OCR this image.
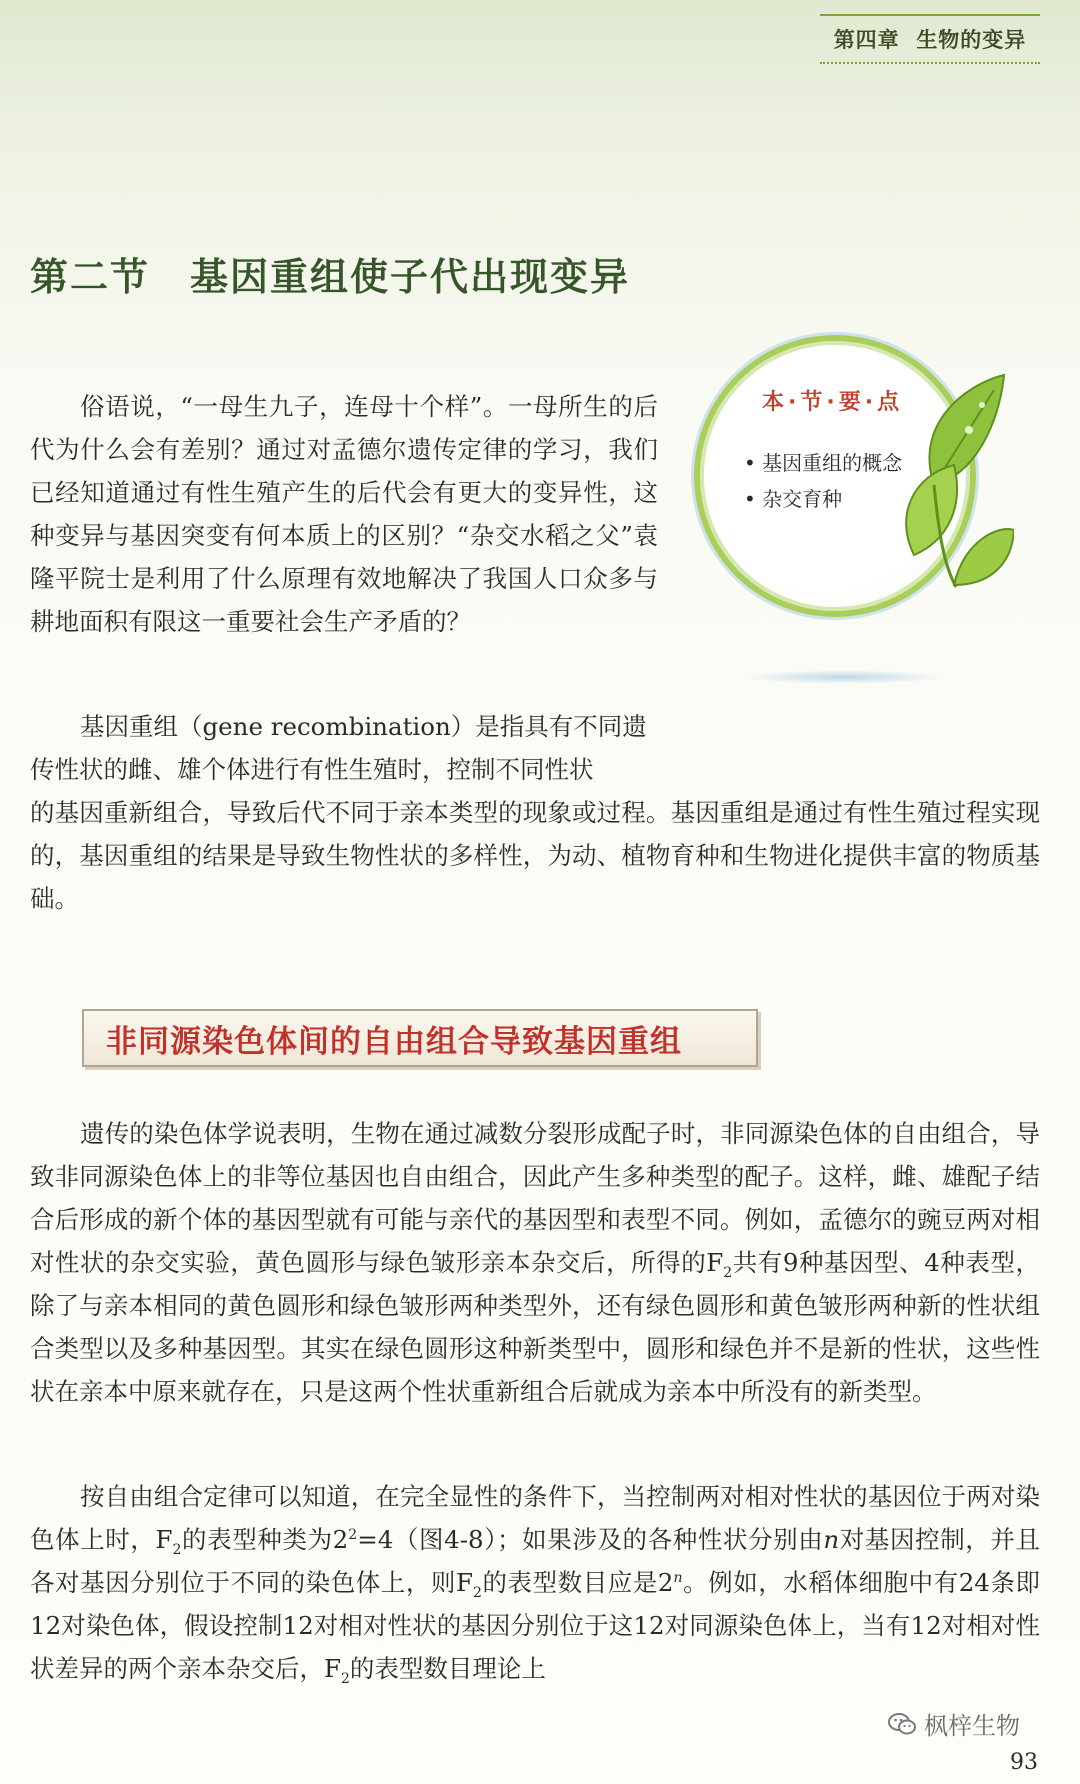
第四章
生物的变异
第二节　基因重组使子代出现变异
俗语说，“一母生九子，连母十个样”。一母所生的后代为什么会有差别？通过对孟德尔遗传定律的学习，我们已经知道通过有性生殖产生的后代会有更大的变异性，这种变异与基因突变有何本质上的区别？“杂交水稻之父”袁隆平院士是利用了什么原理有效地解决了我国人口众多与耕地面积有限这一重要社会生产矛盾的？
本·节·要·点
• 基因重组的概念
• 杂交育种
基因重组（gene recombination）是指具有不同遗
传性状的雌、雄个体进行有性生殖时，控制不同性状
的基因重新组合，导致后代不同于亲本类型的现象或过程。基因重组是通过有性生殖过程实现的，基因重组的结果是导致生物性状的多样性，为动、植物育种和生物进化提供丰富的物质基础。
非同源染色体间的自由组合导致基因重组
遗传的染色体学说表明，生物在通过减数分裂形成配子时，非同源染色体的自由组合，导致非同源染色体上的非等位基因也自由组合，因此产生多种类型的配子。这样，雌、雄配子结合后形成的新个体的基因型就有可能与亲代的基因型和表型不同。例如，孟德尔的豌豆两对相对性状的杂交实验，黄色圆形与绿色皱形亲本杂交后，所得的$F_2$共有9种基因型、4种表型，除了与亲本相同的黄色圆形和绿色皱形两种类型外，还有绿色圆形和黄色皱形两种新的性状组合类型以及多种基因型。其实在绿色圆形这种新类型中，圆形和绿色并不是新的性状，这些性状在亲本中原来就存在，只是这两个性状重新组合后就成为亲本中所没有的新类型。
按自由组合定律可以知道，在完全显性的条件下，当控制两对相对性状的基因位于两对染色体上时，$F_2$的表型种类为$2^2=4$（图4-8）；如果涉及的各种性状分别由n对基因控制，并且各对基因分别位于不同的染色体上，则$F_2$的表型数目应是2$^n$。例如，水稻体细胞中有24条即12对染色体，假设控制12对相对性状的基因分别位于这12对同源染色体上，当有12对相对性状差异的两个亲本杂交后，$F_2$的表型数目理论上
枫梓生物
93
